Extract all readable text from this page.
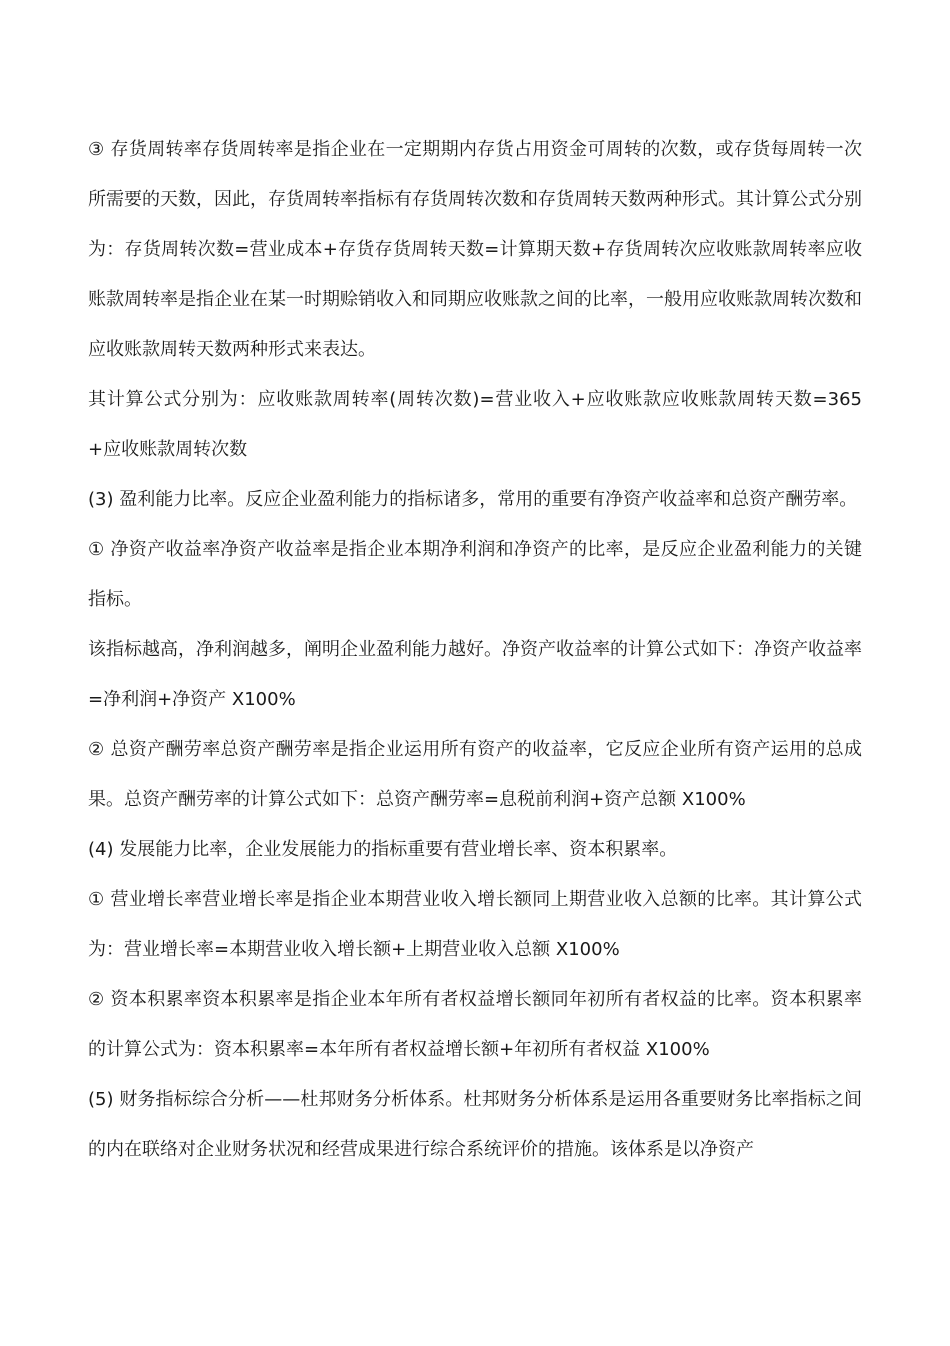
③ 存货周转率存货周转率是指企业在一定期期内存货占用资金可周转的次数，或存货每周转一次所需要的天数，因此，存货周转率指标有存货周转次数和存货周转天数两种形式。其计算公式分别为：存货周转次数=营业成本+存货存货周转天数=计算期天数+存货周转次应收账款周转率应收账款周转率是指企业在某一时期赊销收入和同期应收账款之间的比率，一般用应收账款周转次数和应收账款周转天数两种形式来表达。

其计算公式分别为：应收账款周转率(周转次数)=营业收入+应收账款应收账款周转天数=365+应收账款周转次数

(3) 盈利能力比率。反应企业盈利能力的指标诸多，常用的重要有净资产收益率和总资产酬劳率。

① 净资产收益率净资产收益率是指企业本期净利润和净资产的比率，是反应企业盈利能力的关键指标。

该指标越高，净利润越多，阐明企业盈利能力越好。净资产收益率的计算公式如下：净资产收益率=净利润+净资产 X100%

② 总资产酬劳率总资产酬劳率是指企业运用所有资产的收益率，它反应企业所有资产运用的总成果。总资产酬劳率的计算公式如下：总资产酬劳率=息税前利润+资产总额 X100%

(4) 发展能力比率，企业发展能力的指标重要有营业增长率、资本积累率。

① 营业增长率营业增长率是指企业本期营业收入增长额同上期营业收入总额的比率。其计算公式为：营业增长率=本期营业收入增长额+上期营业收入总额 X100%

② 资本积累率资本积累率是指企业本年所有者权益增长额同年初所有者权益的比率。资本积累率的计算公式为：资本积累率=本年所有者权益增长额+年初所有者权益 X100%

(5) 财务指标综合分析——杜邦财务分析体系。杜邦财务分析体系是运用各重要财务比率指标之间的内在联络对企业财务状况和经营成果进行综合系统评价的措施。该体系是以净资产
